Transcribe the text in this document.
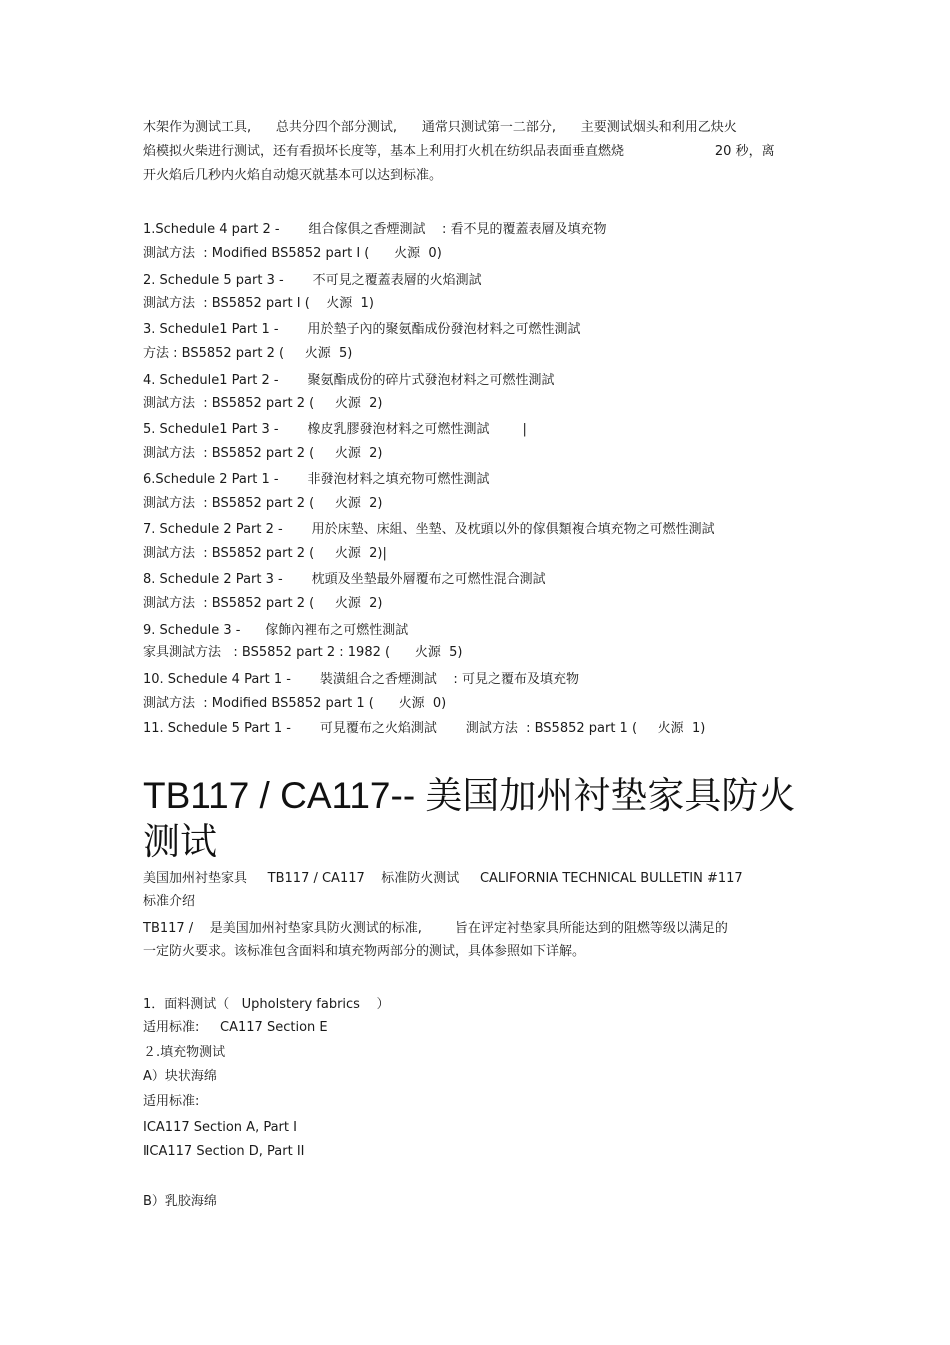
木架作为测试工具,      总共分四个部分测试,      通常只测试第一二部分,      主要测试烟头和利用乙炔火
焰模拟火柴进行测试，还有看损坏长度等，基本上利用打火机在纺织品表面垂直燃烧                      20 秒，离
开火焰后几秒内火焰自动熄灭就基本可以达到标准。

1.Schedule 4 part 2 -       组合傢俱之香煙測試    : 看不見的覆蓋表層及填充物

測試方法  : Modified BS5852 part I (      火源  0)

2. Schedule 5 part 3 -       不可見之覆蓋表層的火焰測試

測試方法  : BS5852 part I (    火源  1)

3. Schedule1 Part 1 -       用於墊子內的聚氨酯成份發泡材料之可燃性測試

方法 : BS5852 part 2 (     火源  5)

4. Schedule1 Part 2 -       聚氨酯成份的碎片式發泡材料之可燃性測試

測試方法  : BS5852 part 2 (     火源  2)

5. Schedule1 Part 3 -       橡皮乳膠發泡材料之可燃性測試        |

測試方法  : BS5852 part 2 (     火源  2)

6.Schedule 2 Part 1 -       非發泡材料之填充物可燃性測試

測試方法  : BS5852 part 2 (     火源  2)

7. Schedule 2 Part 2 -       用於床墊、床組、坐墊、及枕頭以外的傢俱類複合填充物之可燃性測試

測試方法  : BS5852 part 2 (     火源  2)|

8. Schedule 2 Part 3 -       枕頭及坐墊最外層覆布之可燃性混合測試

測試方法  : BS5852 part 2 (     火源  2)

9. Schedule 3 -      傢飾內裡布之可燃性測試

家具測試方法   : BS5852 part 2 : 1982 (      火源  5)

10. Schedule 4 Part 1 -       裝潢組合之香煙測試    : 可見之覆布及填充物

測試方法  : Modified BS5852 part 1 (      火源  0)

11. Schedule 5 Part 1 -       可見覆布之火焰測試       測試方法  : BS5852 part 1 (     火源  1)

TB117 / CA117-- 美国加州衬垫家具防火
测试

美国加州衬垫家具     TB117 / CA117    标准防火测试     CALIFORNIA TECHNICAL BULLETIN #117

标准介绍

TB117 /    是美国加州衬垫家具防火测试的标准,        旨在评定衬垫家具所能达到的阻燃等级以满足的

一定防火要求。该标准包含面料和填充物两部分的测试，具体参照如下详解。

1．面料测试（   Upholstery fabrics    ）

适用标准:     CA117 Section E

２.填充物测试

A）块状海绵

适用标准:

ⅠCA117 Section A, Part I

ⅡCA117 Section D, Part II

B）乳胶海绵
